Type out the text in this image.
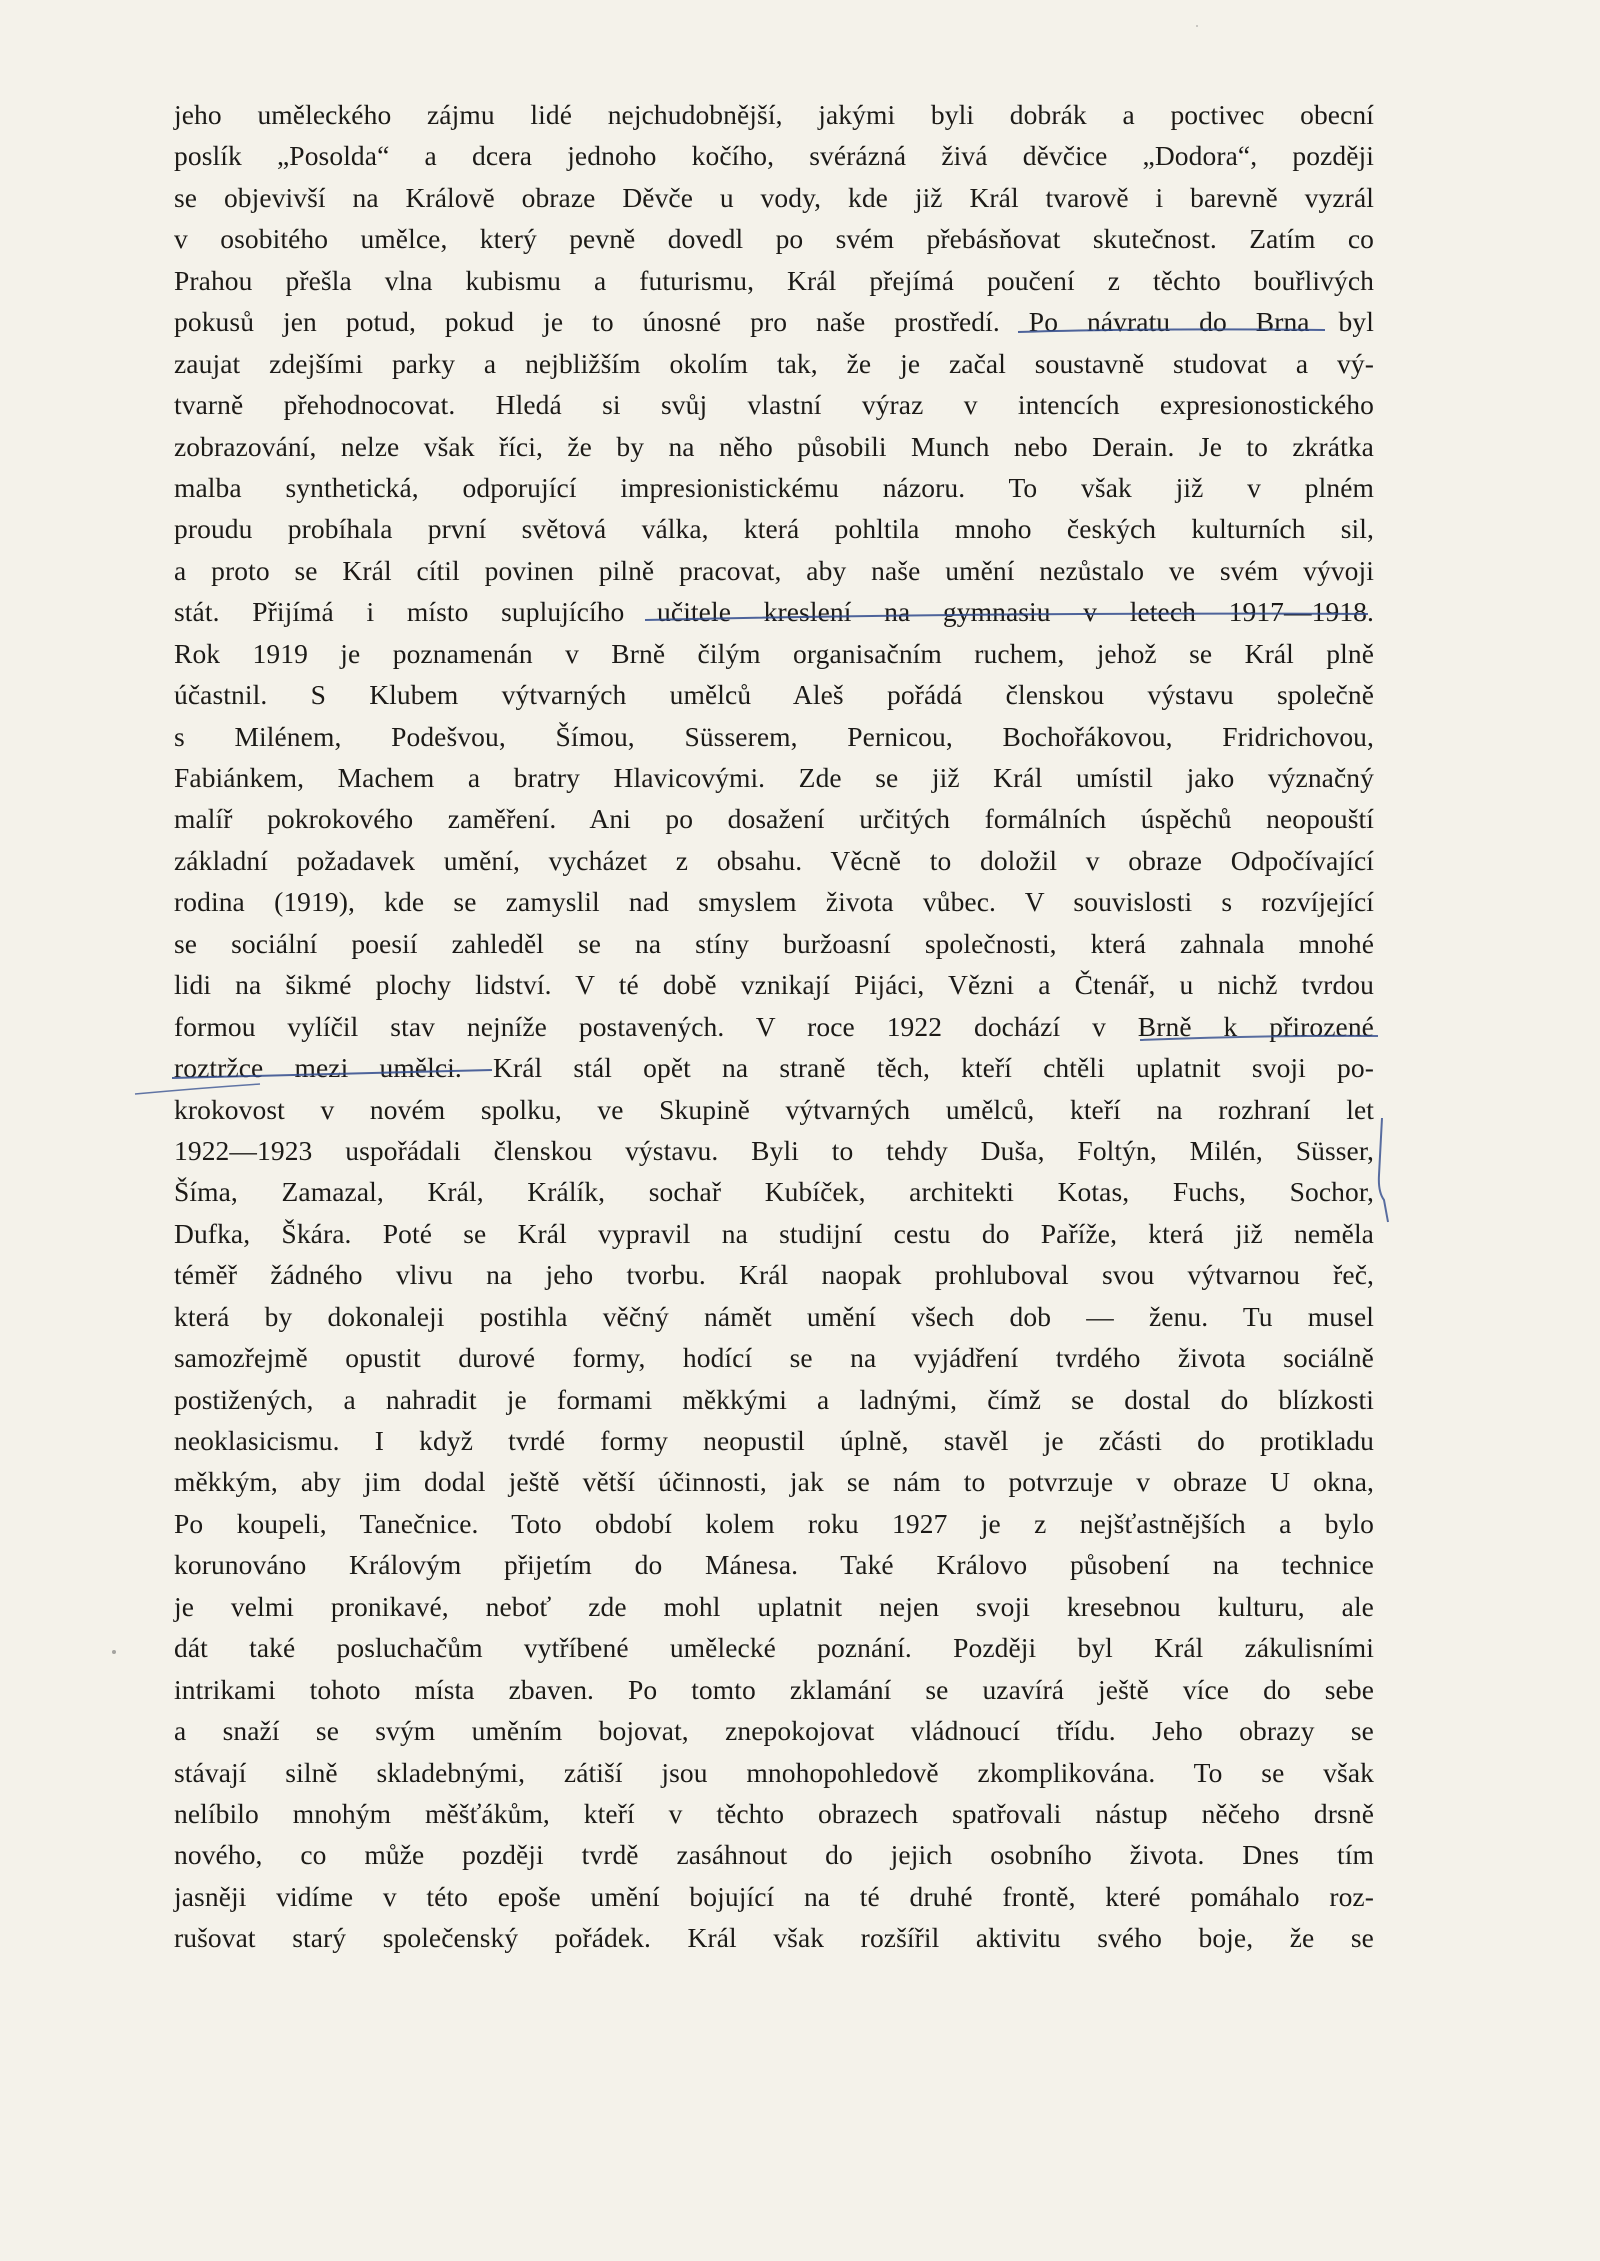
jeho uměleckého zájmu lidé nejchudobnější, jakými byli dobrák a poctivec obecní
poslík „Posolda“ a dcera jednoho kočího, svérázná živá děvčice „Dodora“, později
se objevivší na Královĕ obraze Děvče u vody, kde již Král tvarově i barevně vyzrál
v osobitého umělce, který pevně dovedl po svém přebásňovat skutečnost. Zatím co
Prahou přešla vlna kubismu a futurismu, Král přejímá poučení z těchto bouřlivých
pokusů jen potud, pokud je to únosné pro naše prostředí. Po návratu do Brna byl
zaujat zdejšími parky a nejbližším okolím tak, že je začal soustavně studovat a vý-
tvarně přehodnocovat. Hledá si svůj vlastní výraz v intencích expresionostického
zobrazování, nelze však říci, že by na něho působili Munch nebo Derain. Je to zkrátka
malba synthetická, odporující impresionistickému názoru. To však již v plném
proudu probíhala první světová válka, která pohltila mnoho českých kulturních sil,
a proto se Král cítil povinen pilně pracovat, aby naše umění nezůstalo ve svém vývoji
stát. Přijímá i místo suplujícího učitele kreslení na gymnasiu v letech 1917—1918.
Rok 1919 je poznamenán v Brně čilým organisačním ruchem, jehož se Král plně
účastnil. S Klubem výtvarných umělců Aleš pořádá členskou výstavu společně
s Milénem, Podešvou, Šímou, Süsserem, Pernicou, Bochořákovou, Fridrichovou,
Fabiánkem, Machem a bratry Hlavicovými. Zde se již Král umístil jako význačný
malíř pokrokového zaměření. Ani po dosažení určitých formálních úspěchů neopouští
základní požadavek umění, vycházet z obsahu. Věcně to doložil v obraze Odpočívající
rodina (1919), kde se zamyslil nad smyslem života vůbec. V souvislosti s rozvíjející
se sociální poesií zahleděl se na stíny buržoasní společnosti, která zahnala mnohé
lidi na šikmé plochy lidství. V té době vznikají Pijáci, Vězni a Čtenář, u nichž tvrdou
formou vylíčil stav nejníže postavených. V roce 1922 dochází v Brně k přirozené
roztržce mezi umělci. Král stál opět na straně těch, kteří chtěli uplatnit svoji po-
krokovost v novém spolku, ve Skupině výtvarných umělců, kteří na rozhraní let
1922—1923 uspořádali členskou výstavu. Byli to tehdy Duša, Foltýn, Milén, Süsser,
Šíma, Zamazal, Král, Králík, sochař Kubíček, architekti Kotas, Fuchs, Sochor,
Dufka, Škára. Poté se Král vypravil na studijní cestu do Paříže, která již neměla
téměř žádného vlivu na jeho tvorbu. Král naopak prohluboval svou výtvarnou řeč,
která by dokonaleji postihla věčný námět umění všech dob — ženu. Tu musel
samozřejmě opustit durové formy, hodící se na vyjádření tvrdého života sociálně
postižených, a nahradit je formami měkkými a ladnými, čímž se dostal do blízkosti
neoklasicismu. I když tvrdé formy neopustil úplně, stavěl je zčásti do protikladu
měkkým, aby jim dodal ještě větší účinnosti, jak se nám to potvrzuje v obraze U okna,
Po koupeli, Tanečnice. Toto období kolem roku 1927 je z nejšťastnějších a bylo
korunováno Královým přijetím do Mánesa. Také Královo působení na technice
je velmi pronikavé, neboť zde mohl uplatnit nejen svoji kresebnou kulturu, ale
dát také posluchačům vytříbené umělecké poznání. Později byl Král zákulisními
intrikami tohoto místa zbaven. Po tomto zklamání se uzavírá ještě více do sebe
a snaží se svým uměním bojovat, znepokojovat vládnoucí třídu. Jeho obrazy se
stávají silně skladebnými, zátiší jsou mnohopohledově zkomplikována. To se však
nelíbilo mnohým měšťákům, kteří v těchto obrazech spatřovali nástup něčeho drsně
nového, co může později tvrdě zasáhnout do jejich osobního života. Dnes tím
jasněji vidíme v této epoše umění bojující na té druhé frontě, které pomáhalo roz-
rušovat starý společenský pořádek. Král však rozšířil aktivitu svého boje, že se
